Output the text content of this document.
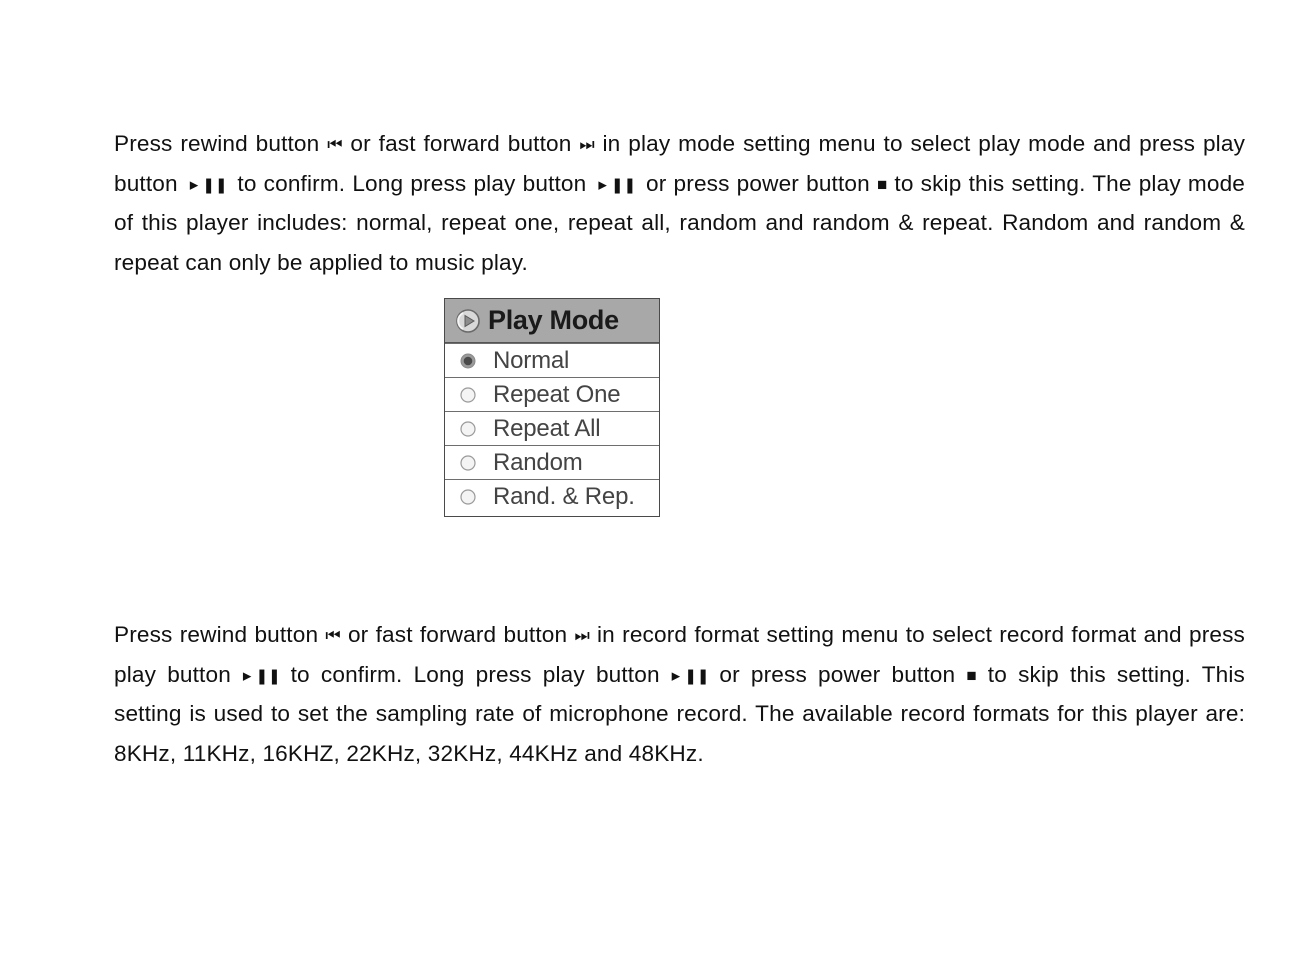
Press rewind button ⏮ or fast forward button ⏭ in play mode setting menu to select play mode and press play button ▸ ❚❚ to confirm. Long press play button ▸ ❚❚ or press power button ■ to skip this setting. The play mode of this player includes: normal, repeat one, repeat all, random and random & repeat. Random and random & repeat can only be applied to music play.

Play Mode
Normal
Repeat One
Repeat All
Random
Rand. & Rep.

Press rewind button ⏮ or fast forward button ⏭ in record format setting menu to select record format and press play button ▸ ❚❚ to confirm. Long press play button ▸ ❚❚ or press power button ■ to skip this setting. This setting is used to set the sampling rate of microphone record. The available record formats for this player are: 8KHz, 11KHz, 16KHZ, 22KHz, 32KHz, 44KHz and 48KHz.
